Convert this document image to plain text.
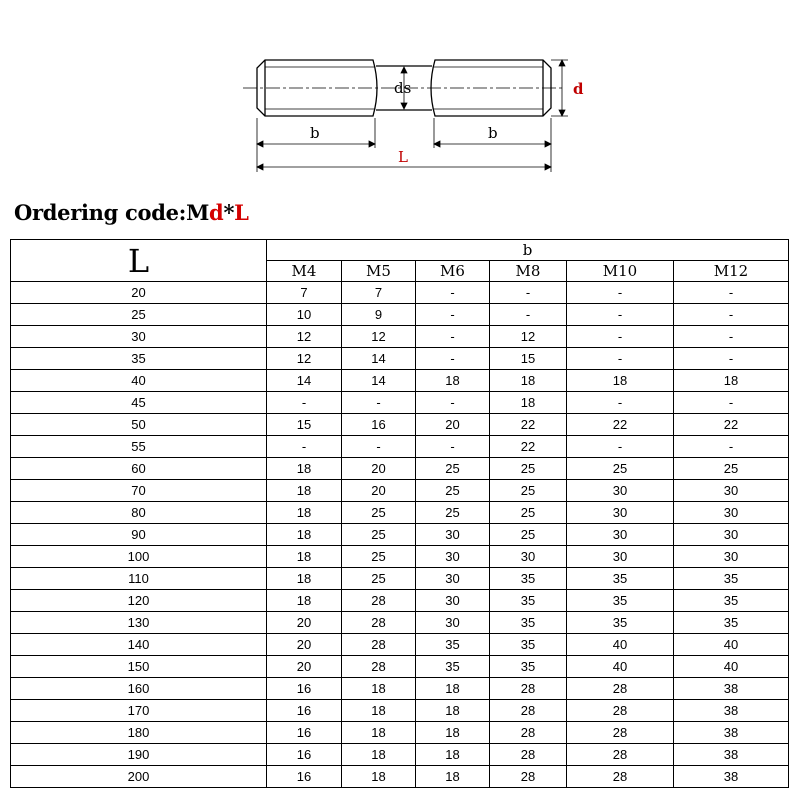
ds	d
b	b
L
Ordering code:Md*L
L	b					
	M4	M5	M6	M8	M10	M12
20	7	7	-	-	-	-
25	10	9	-	-	-	-
30	12	12	-	12	-	-
35	12	14	-	15	-	-
40	14	14	18	18	18	18
45	-	-	-	18	-	-
50	15	16	20	22	22	22
55	-	-	-	22	-	-
60	18	20	25	25	25	25
70	18	20	25	25	30	30
80	18	25	25	25	30	30
90	18	25	30	25	30	30
100	18	25	30	30	30	30
110	18	25	30	35	35	35
120	18	28	30	35	35	35
130	20	28	30	35	35	35
140	20	28	35	35	40	40
150	20	28	35	35	40	40
160	16	18	18	28	28	38
170	16	18	18	28	28	38
180	16	18	18	28	28	38
190	16	18	18	28	28	38
200	16	18	18	28	28	38
